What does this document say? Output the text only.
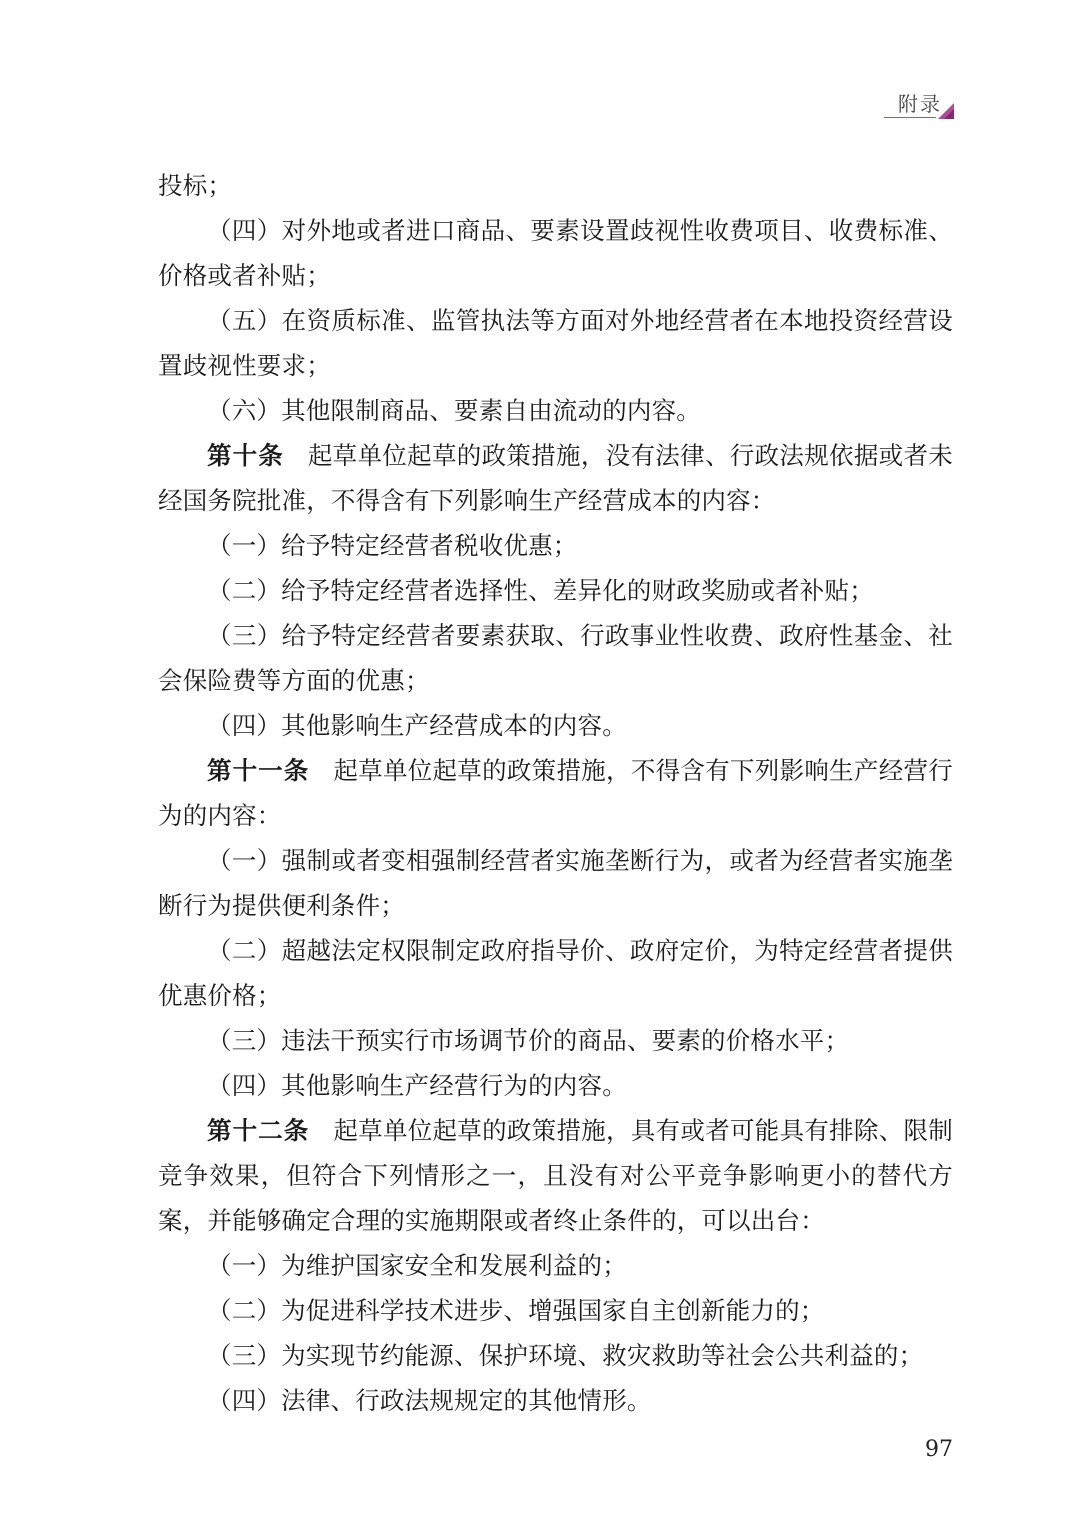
附录

投标；

（四）对外地或者进口商品、要素设置歧视性收费项目、收费标准、价格或者补贴；

（五）在资质标准、监管执法等方面对外地经营者在本地投资经营设置歧视性要求；

（六）其他限制商品、要素自由流动的内容。

第十条 起草单位起草的政策措施，没有法律、行政法规依据或者未经国务院批准，不得含有下列影响生产经营成本的内容：

（一）给予特定经营者税收优惠；

（二）给予特定经营者选择性、差异化的财政奖励或者补贴；

（三）给予特定经营者要素获取、行政事业性收费、政府性基金、社会保险费等方面的优惠；

（四）其他影响生产经营成本的内容。

第十一条 起草单位起草的政策措施，不得含有下列影响生产经营行为的内容：

（一）强制或者变相强制经营者实施垄断行为，或者为经营者实施垄断行为提供便利条件；

（二）超越法定权限制定政府指导价、政府定价，为特定经营者提供优惠价格；

（三）违法干预实行市场调节价的商品、要素的价格水平；

（四）其他影响生产经营行为的内容。

第十二条 起草单位起草的政策措施，具有或者可能具有排除、限制竞争效果，但符合下列情形之一，且没有对公平竞争影响更小的替代方案，并能够确定合理的实施期限或者终止条件的，可以出台：

（一）为维护国家安全和发展利益的；

（二）为促进科学技术进步、增强国家自主创新能力的；

（三）为实现节约能源、保护环境、救灾救助等社会公共利益的；

（四）法律、行政法规规定的其他情形。

97
